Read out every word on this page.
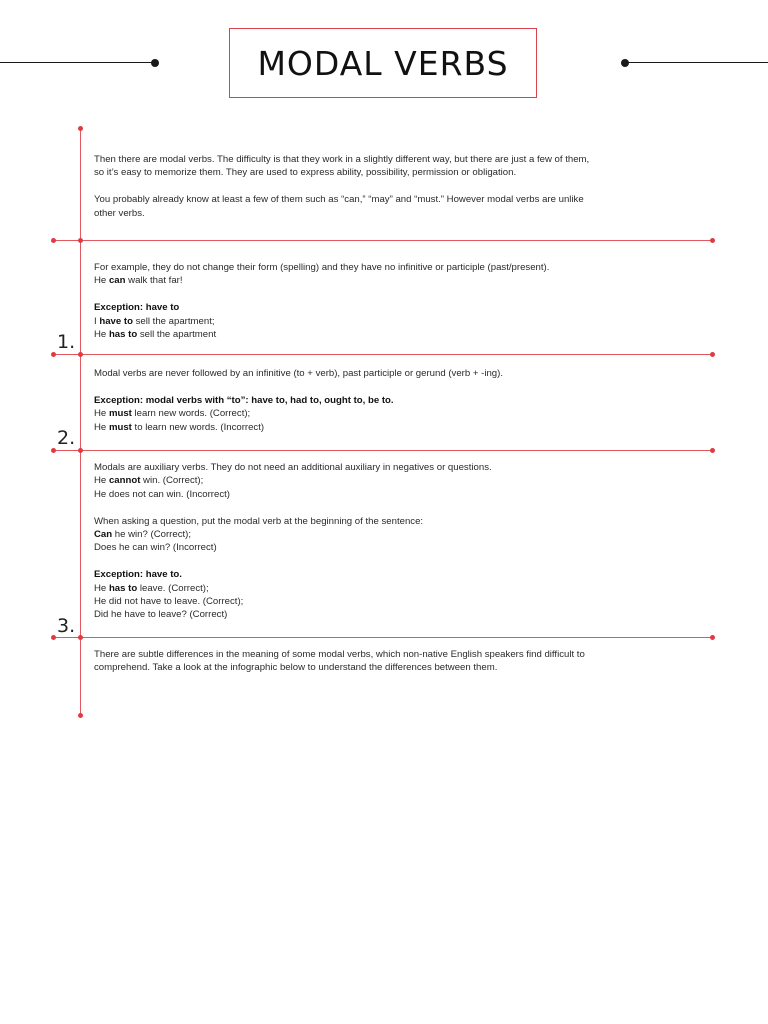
MODAL VERBS
1.
2.
3.
Then there are modal verbs. The difficulty is that they work in a slightly different way, but there are just a few of them,
so it’s easy to memorize them. They are used to express ability, possibility, permission or obligation.
You probably already know at least a few of them such as “can,” “may” and “must.” However modal verbs are unlike
other verbs.
For example, they do not change their form (spelling) and they have no infinitive or participle (past/present).
He can walk that far!
Exception: have to
I have to sell the apartment;
He has to sell the apartment
Modal verbs are never followed by an infinitive (to + verb), past participle or gerund (verb + -ing).
Exception: modal verbs with “to”: have to, had to, ought to, be to.
He must learn new words. (Correct);
He must to learn new words. (Incorrect)
Modals are auxiliary verbs. They do not need an additional auxiliary in negatives or questions.
He cannot win. (Correct);
He does not can win. (Incorrect)
When asking a question, put the modal verb at the beginning of the sentence:
Can he win? (Correct);
Does he can win? (Incorrect)
Exception: have to.
He has to leave. (Correct);
He did not have to leave. (Correct);
Did he have to leave? (Correct)
There are subtle differences in the meaning of some modal verbs, which non-native English speakers find difficult to
comprehend. Take a look at the infographic below to understand the differences between them.
